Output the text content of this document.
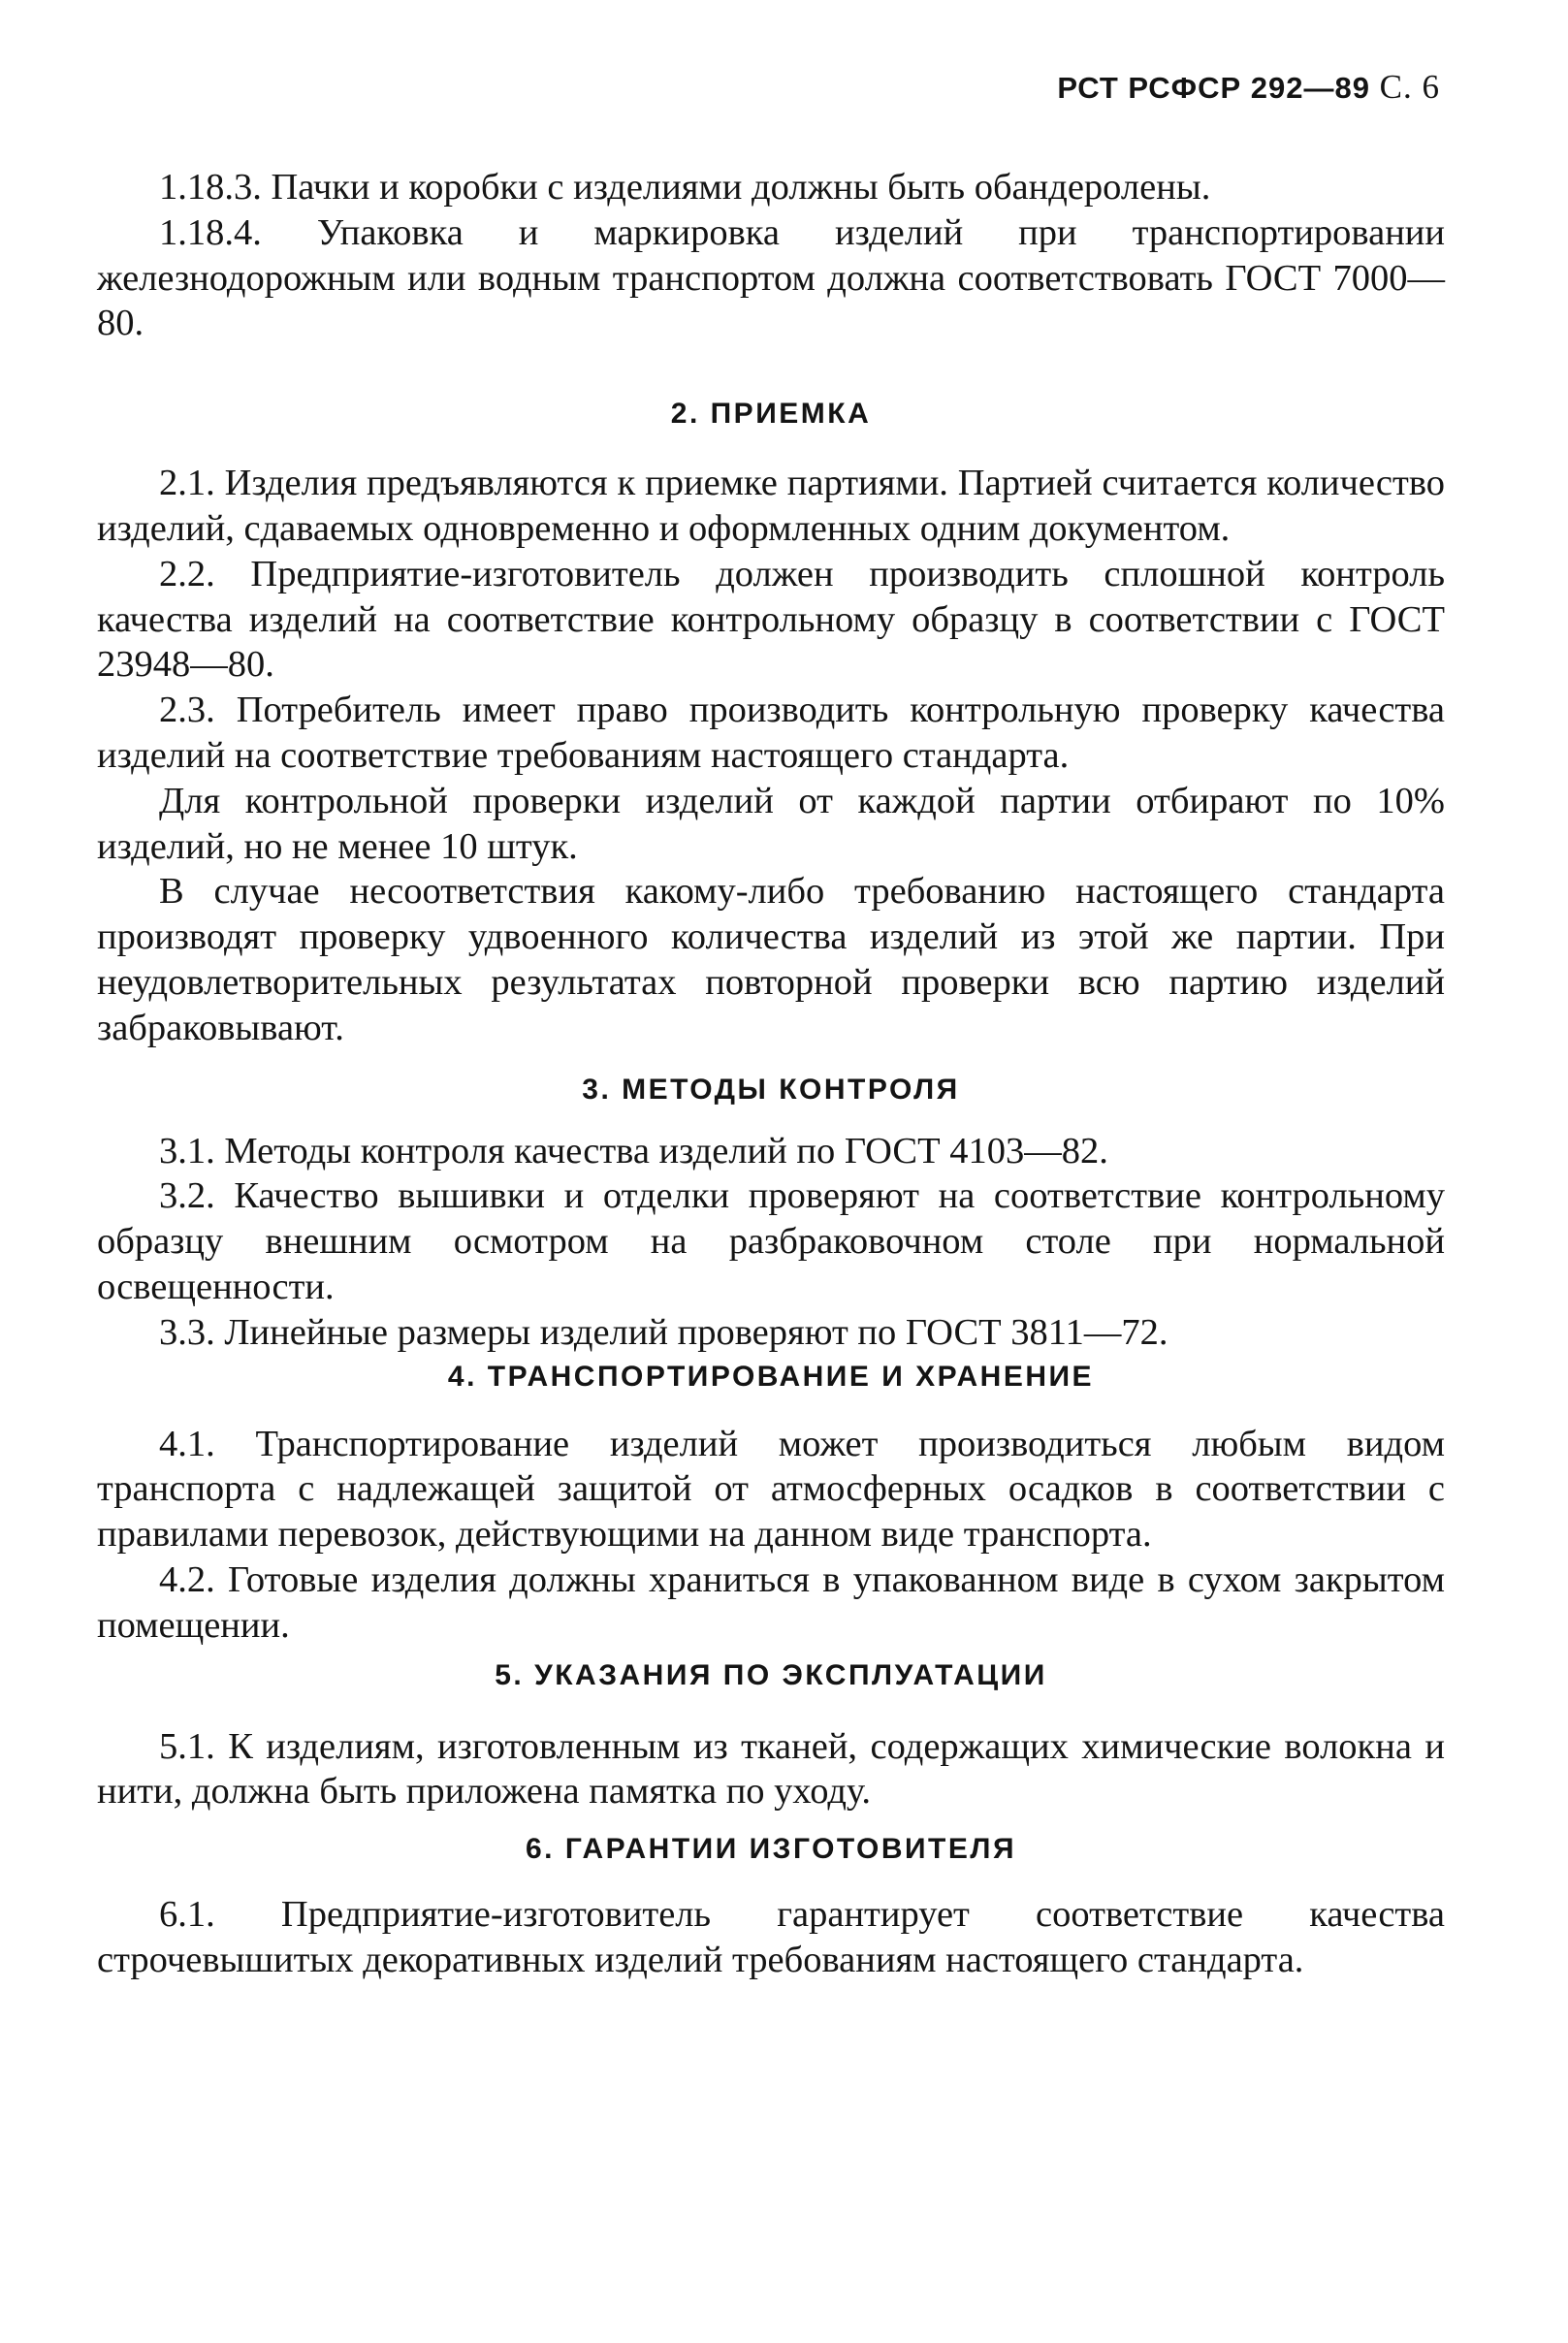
РСТ РСФСР 292—89 С. 6

1.18.3. Пачки и коробки с изделиями должны быть обандеролены.

1.18.4. Упаковка и маркировка изделий при транспортировании железнодорожным или водным транспортом должна соответствовать ГОСТ 7000—80.

2. ПРИЕМКА

2.1. Изделия предъявляются к приемке партиями. Партией считается количество изделий, сдаваемых одновременно и оформленных одним документом.

2.2. Предприятие-изготовитель должен производить сплошной контроль качества изделий на соответствие контрольному образцу в соответствии с ГОСТ 23948—80.

2.3. Потребитель имеет право производить контрольную проверку качества изделий на соответствие требованиям настоящего стандарта.

Для контрольной проверки изделий от каждой партии отбирают по 10% изделий, но не менее 10 штук.

В случае несоответствия какому-либо требованию настоящего стандарта производят проверку удвоенного количества изделий из этой же партии. При неудовлетворительных результатах повторной проверки всю партию изделий забраковывают.

3. МЕТОДЫ КОНТРОЛЯ

3.1. Методы контроля качества изделий по ГОСТ 4103—82.

3.2. Качество вышивки и отделки проверяют на соответствие контрольному образцу внешним осмотром на разбраковочном столе при нормальной освещенности.

3.3. Линейные размеры изделий проверяют по ГОСТ 3811—72.

4. ТРАНСПОРТИРОВАНИЕ И ХРАНЕНИЕ

4.1. Транспортирование изделий может производиться любым видом транспорта с надлежащей защитой от атмосферных осадков в соответствии с правилами перевозок, действующими на данном виде транспорта.

4.2. Готовые изделия должны храниться в упакованном виде в сухом закрытом помещении.

5. УКАЗАНИЯ ПО ЭКСПЛУАТАЦИИ

5.1. К изделиям, изготовленным из тканей, содержащих химические волокна и нити, должна быть приложена памятка по уходу.

6. ГАРАНТИИ ИЗГОТОВИТЕЛЯ

6.1. Предприятие-изготовитель гарантирует соответствие качества строчевышитых декоративных изделий требованиям настоящего стандарта.
